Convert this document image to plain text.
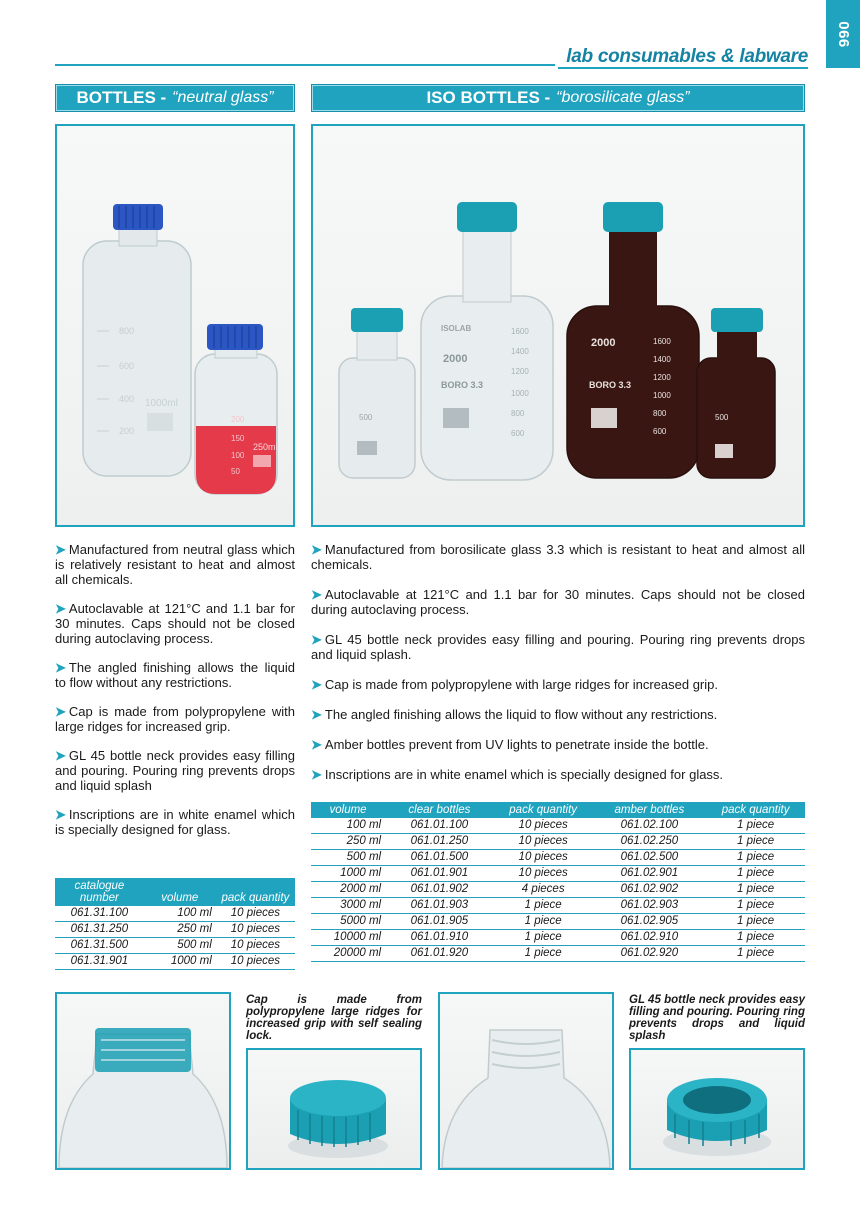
066
lab consumables & labware
BOTTLES - “neutral glass”	ISO BOTTLES - “borosilicate glass”
800
600
400
200
1000ml
200
150
100
50
250ml
500
ISOLAB
2000
BORO 3.3
1600
1400
1200
1000
800
600
2000
BORO 3.3
1600
1400
1200
1000
800
600
500
➤ Manufactured from neutral glass which is relatively resistant to heat and almost all chemicals.
➤ Autoclavable at 121°C and 1.1 bar for 30 minutes. Caps should not be closed during autoclaving process.
➤ The angled finishing allows the liquid to flow without any restrictions.
➤ Cap is made from polypropylene with large ridges for increased grip.
➤ GL 45 bottle neck provides easy filling and pouring. Pouring ring prevents drops and liquid splash
➤ Inscriptions are in white enamel which is specially designed for glass.
➤ Manufactured from borosilicate glass 3.3 which is resistant to heat and almost all chemicals.
➤ Autoclavable at 121°C and 1.1 bar for 30 minutes. Caps should not be closed during autoclaving process.
➤ GL 45 bottle neck provides easy filling and pouring. Pouring ring prevents drops and liquid splash.
➤ Cap is made from polypropylene with large ridges for increased grip.
➤ The angled finishing allows the liquid to flow without any restrictions.
➤ Amber bottles prevent from UV lights to penetrate inside the bottle.
➤ Inscriptions are in white enamel which is specially designed for glass.
catalogue number	volume	pack quantity
061.31.100	100 ml	10 pieces
061.31.250	250 ml	10 pieces
061.31.500	500 ml	10 pieces
061.31.901	1000 ml	10 pieces
volume	clear bottles	pack quantity	amber bottles	pack quantity
100 ml	061.01.100	10 pieces	061.02.100	1 piece
250 ml	061.01.250	10 pieces	061.02.250	1 piece
500 ml	061.01.500	10 pieces	061.02.500	1 piece
1000 ml	061.01.901	10 pieces	061.02.901	1 piece
2000 ml	061.01.902	4 pieces	061.02.902	1 piece
3000 ml	061.01.903	1 piece	061.02.903	1 piece
5000 ml	061.01.905	1 piece	061.02.905	1 piece
10000 ml	061.01.910	1 piece	061.02.910	1 piece
20000 ml	061.01.920	1 piece	061.02.920	1 piece
Cap is made from polypropylene large ridges for increased grip with self sealing lock.
GL 45 bottle neck provides easy filling and pouring. Pouring ring prevents drops and liquid splash
